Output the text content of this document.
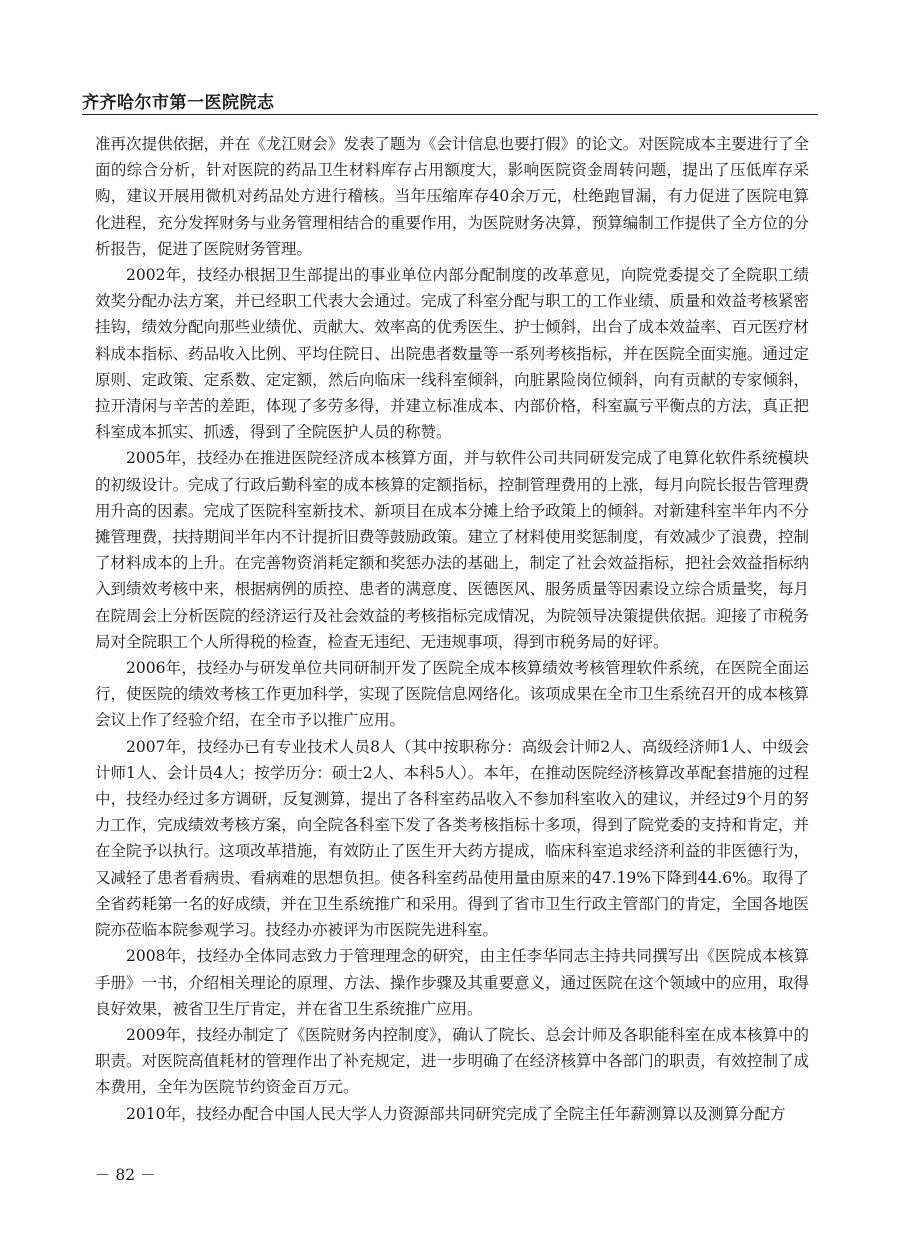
齐齐哈尔市第一医院院志

准再次提供依据，并在《龙江财会》发表了题为《会计信息也要打假》的论文。对医院成本主要进行了全面的综合分析，针对医院的药品卫生材料库存占用额度大，影响医院资金周转问题，提出了压低库存采购，建议开展用微机对药品处方进行稽核。当年压缩库存40余万元，杜绝跑冒漏，有力促进了医院电算化进程，充分发挥财务与业务管理相结合的重要作用，为医院财务决算，预算编制工作提供了全方位的分析报告，促进了医院财务管理。

2002年，技经办根据卫生部提出的事业单位内部分配制度的改革意见，向院党委提交了全院职工绩效奖分配办法方案，并已经职工代表大会通过。完成了科室分配与职工的工作业绩、质量和效益考核紧密挂钩，绩效分配向那些业绩优、贡献大、效率高的优秀医生、护士倾斜，出台了成本效益率、百元医疗材料成本指标、药品收入比例、平均住院日、出院患者数量等一系列考核指标，并在医院全面实施。通过定原则、定政策、定系数、定定额，然后向临床一线科室倾斜，向脏累险岗位倾斜，向有贡献的专家倾斜，拉开清闲与辛苦的差距，体现了多劳多得，并建立标准成本、内部价格，科室赢亏平衡点的方法，真正把科室成本抓实、抓透，得到了全院医护人员的称赞。

2005年，技经办在推进医院经济成本核算方面，并与软件公司共同研发完成了电算化软件系统模块的初级设计。完成了行政后勤科室的成本核算的定额指标，控制管理费用的上涨，每月向院长报告管理费用升高的因素。完成了医院科室新技术、新项目在成本分摊上给予政策上的倾斜。对新建科室半年内不分摊管理费，扶持期间半年内不计提折旧费等鼓励政策。建立了材料使用奖惩制度，有效减少了浪费，控制了材料成本的上升。在完善物资消耗定额和奖惩办法的基础上，制定了社会效益指标，把社会效益指标纳入到绩效考核中来，根据病例的质控、患者的满意度、医德医风、服务质量等因素设立综合质量奖，每月在院周会上分析医院的经济运行及社会效益的考核指标完成情况，为院领导决策提供依据。迎接了市税务局对全院职工个人所得税的检查，检查无违纪、无违规事项，得到市税务局的好评。

2006年，技经办与研发单位共同研制开发了医院全成本核算绩效考核管理软件系统，在医院全面运行，使医院的绩效考核工作更加科学，实现了医院信息网络化。该项成果在全市卫生系统召开的成本核算会议上作了经验介绍，在全市予以推广应用。

2007年，技经办已有专业技术人员8人（其中按职称分：高级会计师2人、高级经济师1人、中级会计师1人、会计员4人；按学历分：硕士2人、本科5人）。本年，在推动医院经济核算改革配套措施的过程中，技经办经过多方调研，反复测算，提出了各科室药品收入不参加科室收入的建议，并经过9个月的努力工作，完成绩效考核方案，向全院各科室下发了各类考核指标十多项，得到了院党委的支持和肯定，并在全院予以执行。这项改革措施，有效防止了医生开大药方提成，临床科室追求经济利益的非医德行为，又减轻了患者看病贵、看病难的思想负担。使各科室药品使用量由原来的47.19%下降到44.6%。取得了全省药耗第一名的好成绩，并在卫生系统推广和采用。得到了省市卫生行政主管部门的肯定，全国各地医院亦莅临本院参观学习。技经办亦被评为市医院先进科室。

2008年，技经办全体同志致力于管理理念的研究，由主任李华同志主持共同撰写出《医院成本核算手册》一书，介绍相关理论的原理、方法、操作步骤及其重要意义，通过医院在这个领域中的应用，取得良好效果，被省卫生厅肯定，并在省卫生系统推广应用。

2009年，技经办制定了《医院财务内控制度》，确认了院长、总会计师及各职能科室在成本核算中的职责。对医院高值耗材的管理作出了补充规定，进一步明确了在经济核算中各部门的职责，有效控制了成本费用，全年为医院节约资金百万元。

2010年，技经办配合中国人民大学人力资源部共同研究完成了全院主任年薪测算以及测算分配方

－ 82 －
